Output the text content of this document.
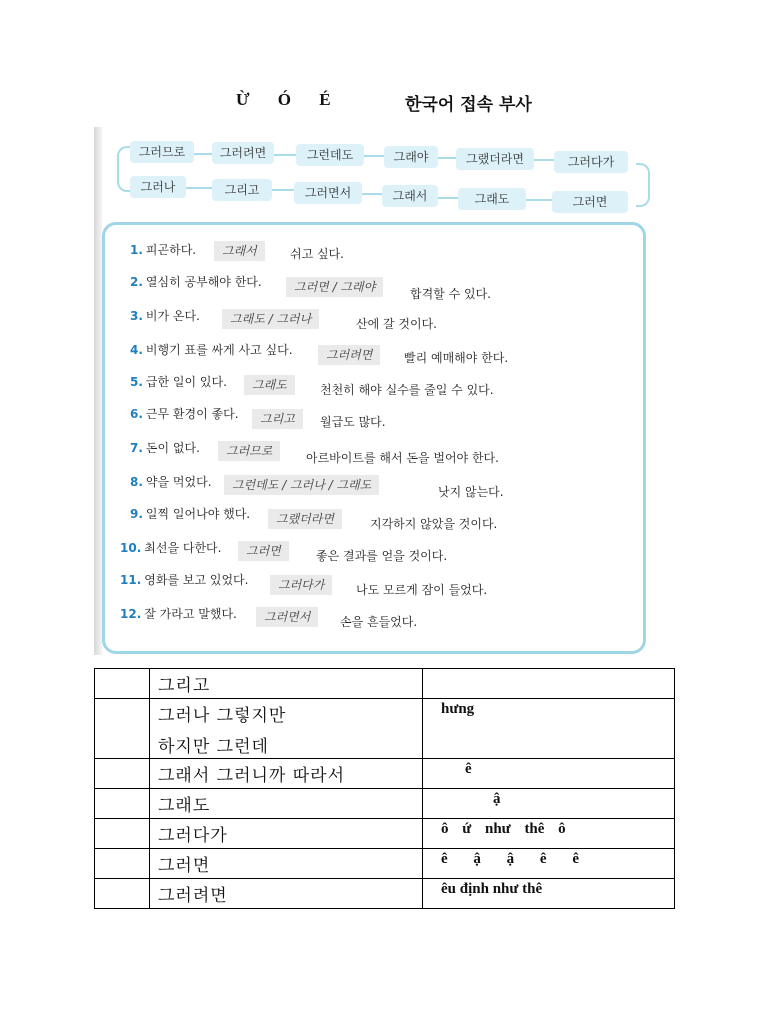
Ừ Ó É	한국어 접속 부사
그러므로	그러려면	그런데도	그래야	그랬더라면	그러다가
그러나	그리고	그러면서	그래서	그래도	그러면
1. 피곤하다.	그래서	쉬고 싶다.
2. 열심히 공부해야 한다.	그러면 / 그래야	합격할 수 있다.
3. 비가 온다.	그래도 / 그러나	산에 갈 것이다.
4. 비행기 표를 싸게 사고 싶다.	그러려면	빨리 예매해야 한다.
5. 급한 일이 있다.	그래도	천천히 해야 실수를 줄일 수 있다.
6. 근무 환경이 좋다.	그리고	월급도 많다.
7. 돈이 없다.	그러므로	아르바이트를 해서 돈을 벌어야 한다.
8. 약을 먹었다.	그런데도 / 그러나 / 그래도	낫지 않는다.
9. 일찍 일어나야 했다.	그랬더라면	지각하지 않았을 것이다.
10. 최선을 다한다.	그러면	좋은 결과를 얻을 것이다.
11. 영화를 보고 있었다.	그러다가	나도 모르게 잠이 들었다.
12. 잘 가라고 말했다.	그러면서	손을 흔들었다.
	그리고	
	그러나 그렇지만
하지만 그런데	hưng
	그래서 그러니까 따라서	ê
	그래도	ậ
	그러다가	ô ứ như thê ô
	그러면	ê ậ ậ ê ê
	그러려면	êu định như thê
